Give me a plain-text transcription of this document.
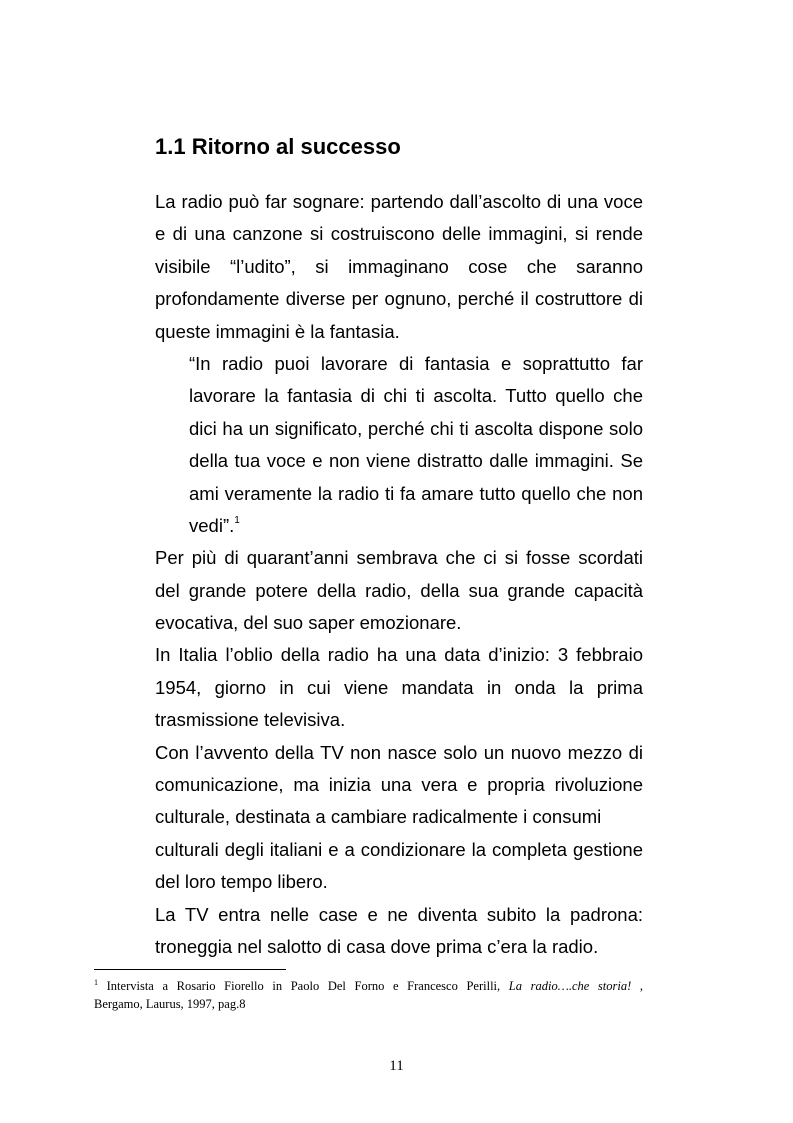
1.1 Ritorno al successo
La radio può far sognare: partendo dall’ascolto di una voce
e di una canzone si costruiscono delle immagini, si rende
visibile “l’udito”, si immaginano cose che saranno
profondamente diverse per ognuno, perché il costruttore di
queste immagini è la fantasia.
“In radio puoi lavorare di fantasia e soprattutto far
lavorare la fantasia di chi ti ascolta. Tutto quello che
dici ha un significato, perché chi ti ascolta dispone solo
della tua voce e non viene distratto dalle immagini. Se
ami veramente la radio ti fa amare tutto quello che non
vedi”.$^1$
Per più di quarant’anni sembrava che ci si fosse scordati
del grande potere della radio, della sua grande capacità
evocativa, del suo saper emozionare.
In Italia l’oblio della radio ha una data d’inizio: 3 febbraio
1954, giorno in cui viene mandata in onda la prima
trasmissione televisiva.
Con l’avvento della TV non nasce solo un nuovo mezzo di
comunicazione, ma inizia una vera e propria rivoluzione
culturale, destinata a cambiare radicalmente i consumi
culturali degli italiani e a condizionare la completa gestione
del loro tempo libero.
La TV entra nelle case e ne diventa subito la padrona:
troneggia nel salotto di casa dove prima c’era la radio.
$^1$ Intervista a Rosario Fiorello in Paolo Del Forno e Francesco Perilli, La radio….che storia! ,
Bergamo, Laurus, 1997, pag.8
11
